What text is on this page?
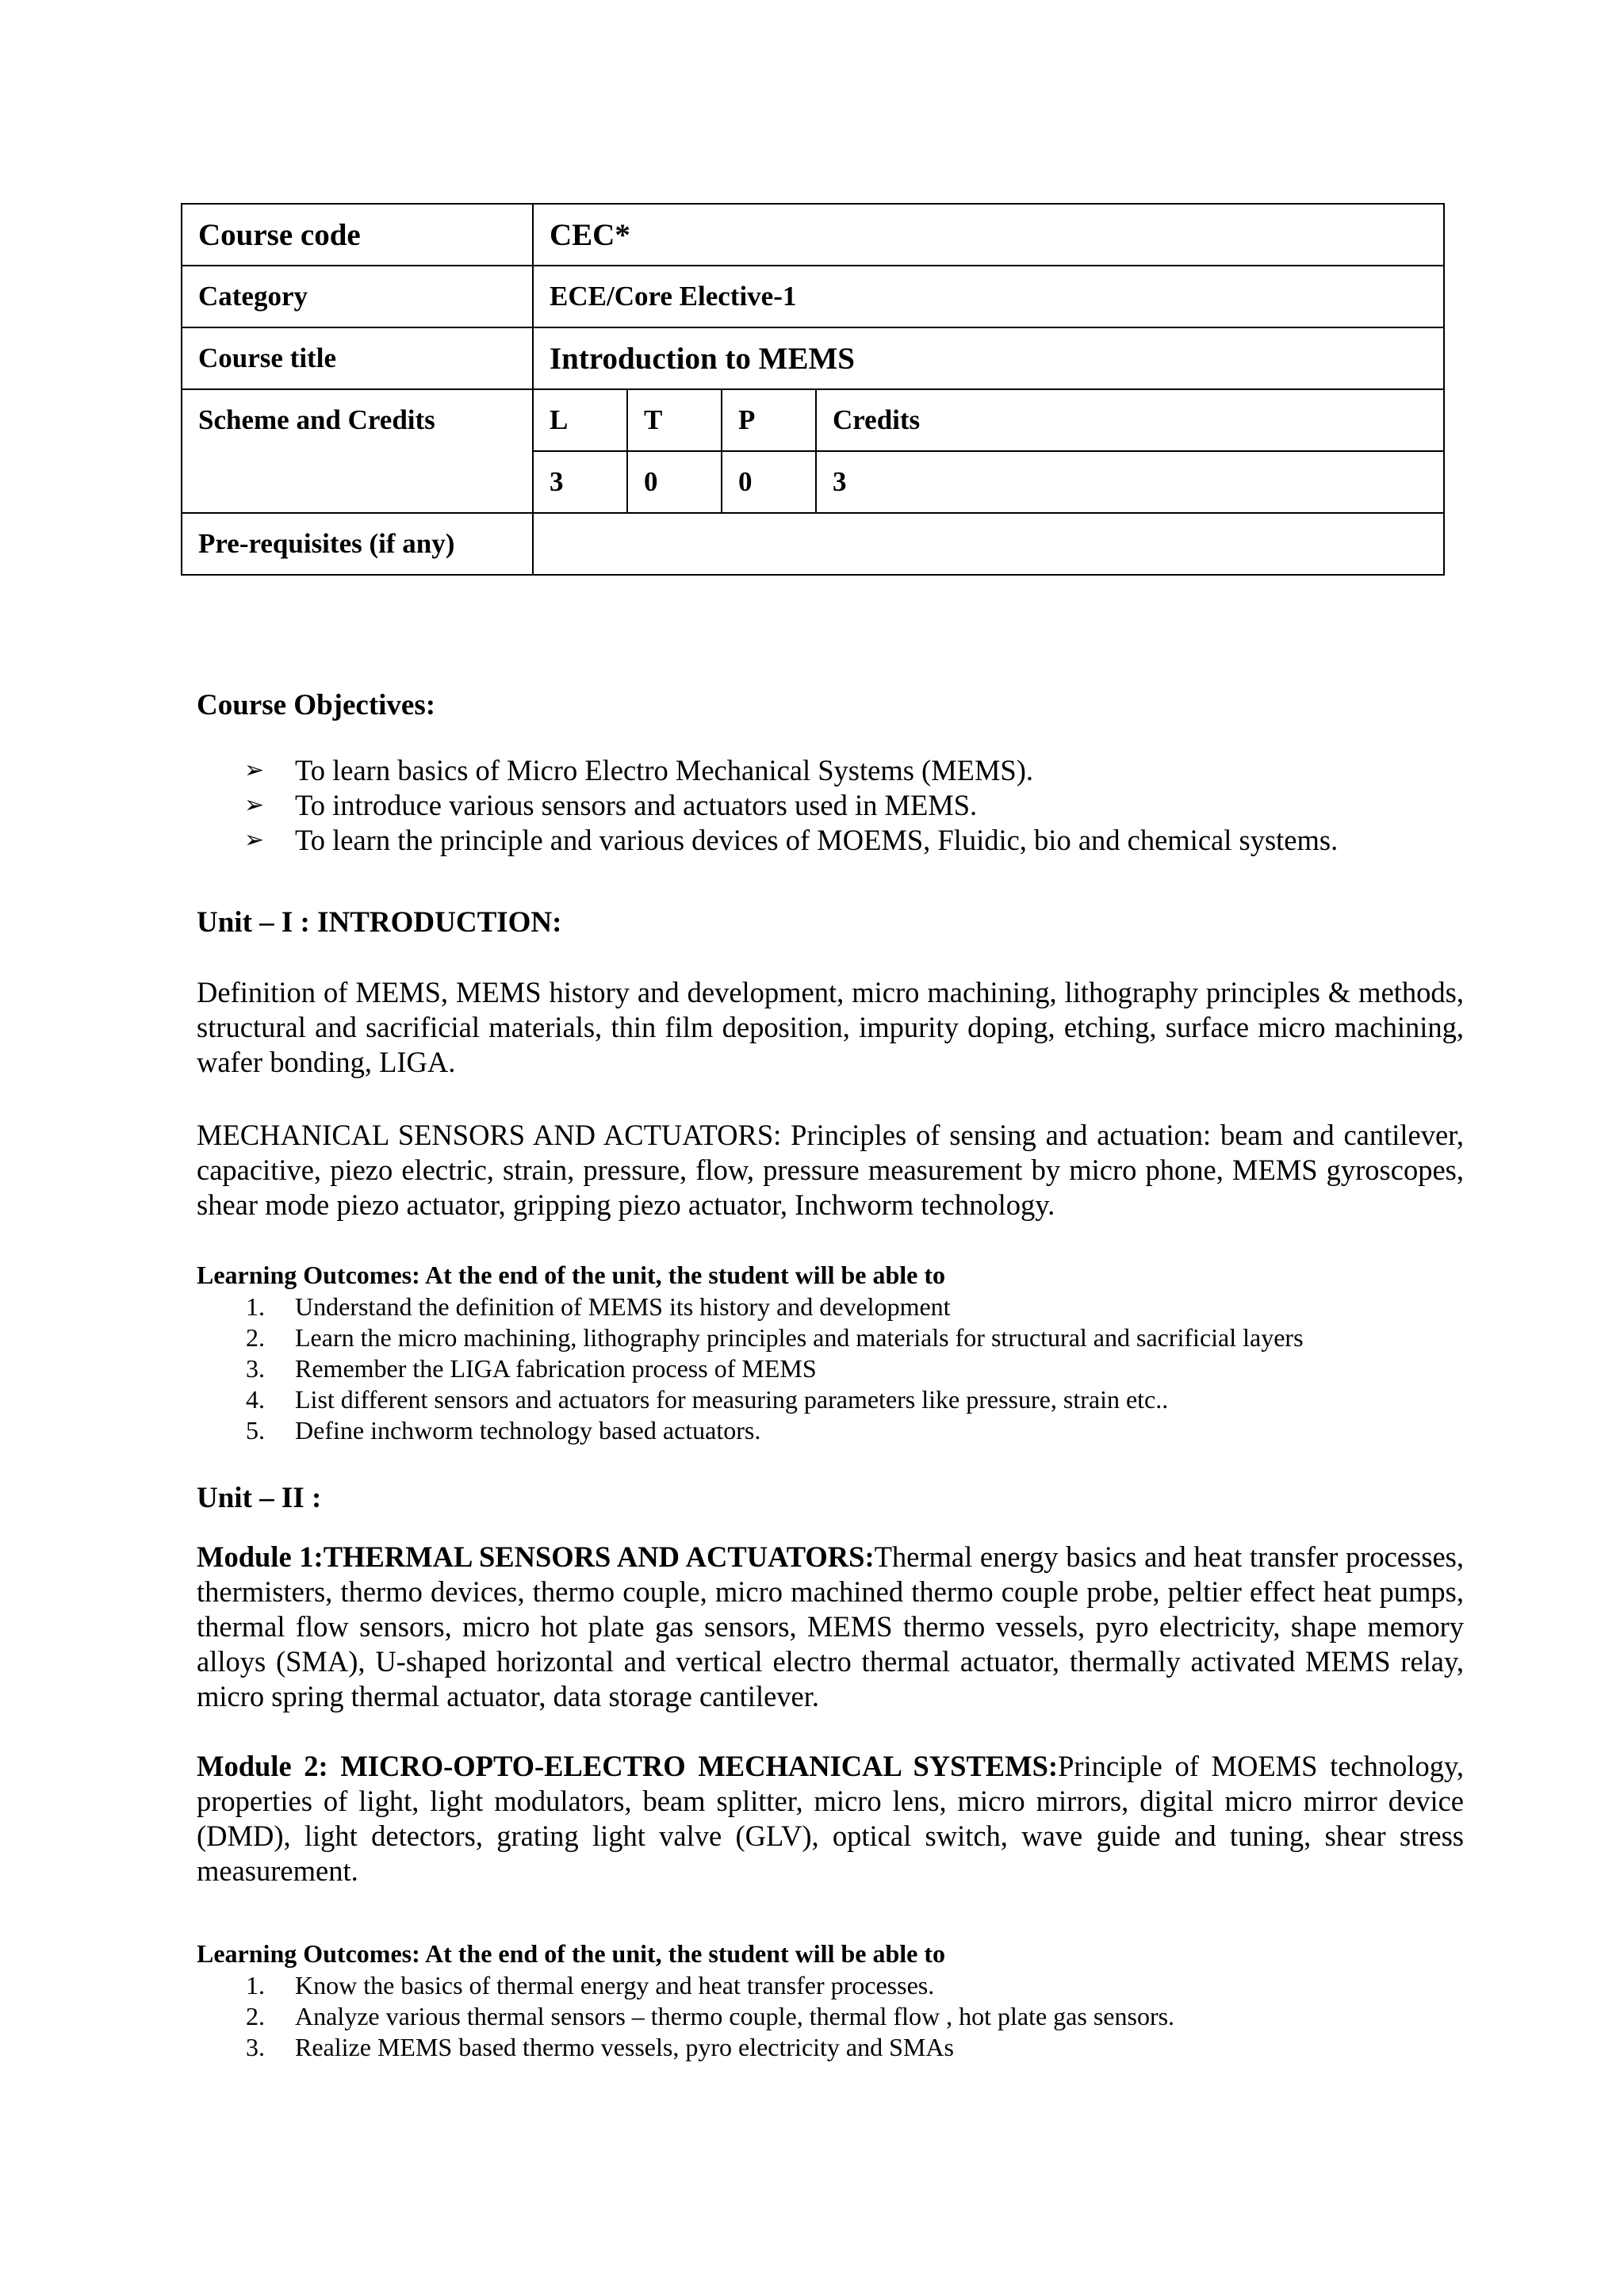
Course code	CEC*			
Category	ECE/Core Elective-1			
Course title	Introduction to MEMS			
Scheme and Credits	L	T	P	Credits
	3	0	0	3
Pre-requisites (if any)				
Course Objectives:
➢ To learn basics of Micro Electro Mechanical Systems (MEMS).
➢ To introduce various sensors and actuators used in MEMS.
➢ To learn the principle and various devices of MOEMS, Fluidic, bio and chemical systems.
Unit – I : INTRODUCTION:

Definition of MEMS, MEMS history and development, micro machining, lithography principles & methods, structural and sacrificial materials, thin film deposition, impurity doping, etching, surface micro machining, wafer bonding, LIGA.

MECHANICAL SENSORS AND ACTUATORS: Principles of sensing and actuation: beam and cantilever, capacitive, piezo electric, strain, pressure, flow, pressure measurement by micro phone, MEMS gyroscopes, shear mode piezo actuator, gripping piezo actuator, Inchworm technology.

Learning Outcomes: At the end of the unit, the student will be able to

1. Understand the definition of MEMS its history and development
2. Learn the micro machining, lithography principles and materials for structural and sacrificial layers
3. Remember the LIGA fabrication process of MEMS
4. List different sensors and actuators for measuring parameters like pressure, strain etc..
5. Define inchworm technology based actuators.
Unit – II :

Module 1:THERMAL SENSORS AND ACTUATORS:Thermal energy basics and heat transfer processes, thermisters, thermo devices, thermo couple, micro machined thermo couple probe, peltier effect heat pumps, thermal flow sensors, micro hot plate gas sensors, MEMS thermo vessels, pyro electricity, shape memory alloys (SMA), U-shaped horizontal and vertical electro thermal actuator, thermally activated MEMS relay, micro spring thermal actuator, data storage cantilever.

Module 2: MICRO-OPTO-ELECTRO MECHANICAL SYSTEMS:Principle of MOEMS technology, properties of light, light modulators, beam splitter, micro lens, micro mirrors, digital micro mirror device (DMD), light detectors, grating light valve (GLV), optical switch, wave guide and tuning, shear stress measurement.

Learning Outcomes: At the end of the unit, the student will be able to

1. Know the basics of thermal energy and heat transfer processes.
2. Analyze various thermal sensors – thermo couple, thermal flow , hot plate gas sensors.
3. Realize MEMS based thermo vessels, pyro electricity and SMAs
